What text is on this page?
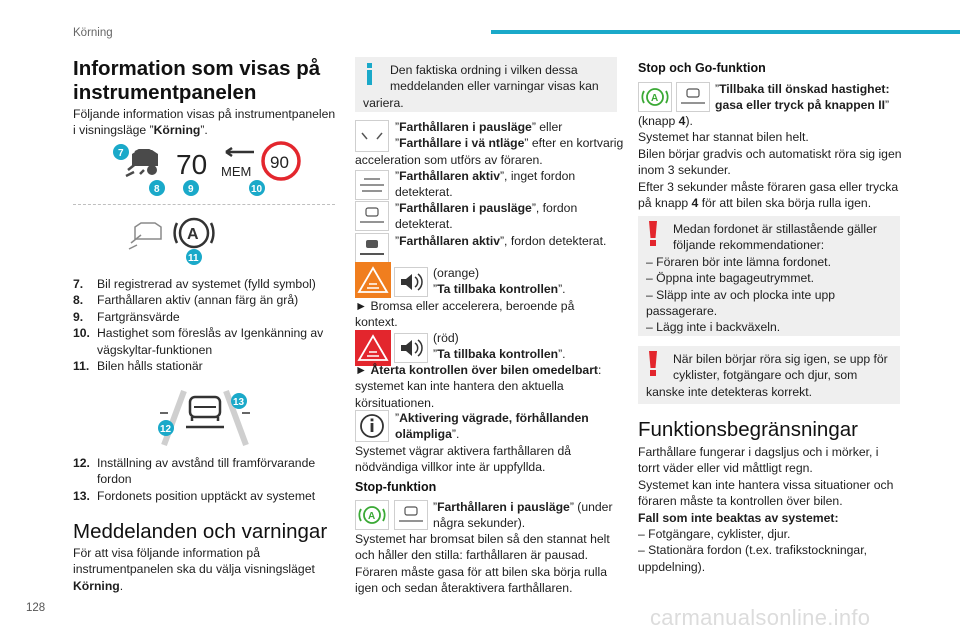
Körning
Information som visas på
instrumentpanelen
Följande information visas på instrumentpanelen
i visningsläge ”Körning”.
70 MEM 90
7
8	9	10
A
11
7.	Bil registrerad av systemet (fylld symbol)
8.	Farthållaren aktiv (annan färg än grå)
9.	Fartgränsvärde
10. Hastighet som föreslås av Igenkänning av
vägskyltar-funktionen
11. Bilen hålls stationär
13
12
12. Inställning av avstånd till framförvarande
fordon
13. Fordonets position upptäckt av systemet
Meddelanden och varningar
För att visa följande information på
instrumentpanelen ska du välja visningsläget
Körning.
Den faktiska ordning i vilken dessa
meddelanden eller varningar visas kan
variera.
”Farthållaren i pausläge” eller
”Farthållare i vä ntläge” efter en kortvarig
acceleration som utförs av föraren.
”Farthållaren aktiv”, inget fordon
detekterat.
”Farthållaren i pausläge”, fordon
detekterat.
”Farthållaren aktiv”, fordon detekterat.
(orange)
”Ta tillbaka kontrollen”.
► Bromsa eller accelerera, beroende på
kontext.
(röd)
”Ta tillbaka kontrollen”.
► Återta kontrollen över bilen omedelbart:
systemet kan inte hantera den aktuella
körsituationen.
”Aktivering vägrade, förhållanden
olämpliga”.
Systemet vägrar aktivera farthållaren då
nödvändiga villkor inte är uppfyllda.
Stop-funktion
A
”Farthållaren i pausläge” (under
några sekunder).
Systemet har bromsat bilen så den stannat helt
och håller den stilla: farthållaren är pausad.
Föraren måste gasa för att bilen ska börja rulla
igen och sedan återaktivera farthållaren.
Stop och Go-funktion
A
”Tillbaka till önskad hastighet:
gasa eller tryck på knappen II”
(knapp 4).
Systemet har stannat bilen helt.
Bilen börjar gradvis och automatiskt röra sig igen
inom 3 sekunder.
Efter 3 sekunder måste föraren gasa eller trycka
på knapp 4 för att bilen ska börja rulla igen.
Medan fordonet är stillastående gäller
följande rekommendationer:
– Föraren bör inte lämna fordonet.
– Öppna inte bagageutrymmet.
– Släpp inte av och plocka inte upp
passagerare.
– Lägg inte i backväxeln.
När bilen börjar röra sig igen, se upp för
cyklister, fotgängare och djur, som
kanske inte detekteras korrekt.
Funktionsbegränsningar
Farthållare fungerar i dagsljus och i mörker, i
torrt väder eller vid måttligt regn.
Systemet kan inte hantera vissa situationer och
föraren måste ta kontrollen över bilen.
Fall som inte beaktas av systemet:
– Fotgängare, cyklister, djur.
– Stationära fordon (t.ex. trafikstockningar,
uppdelning).
128	carmanualsonline.info
